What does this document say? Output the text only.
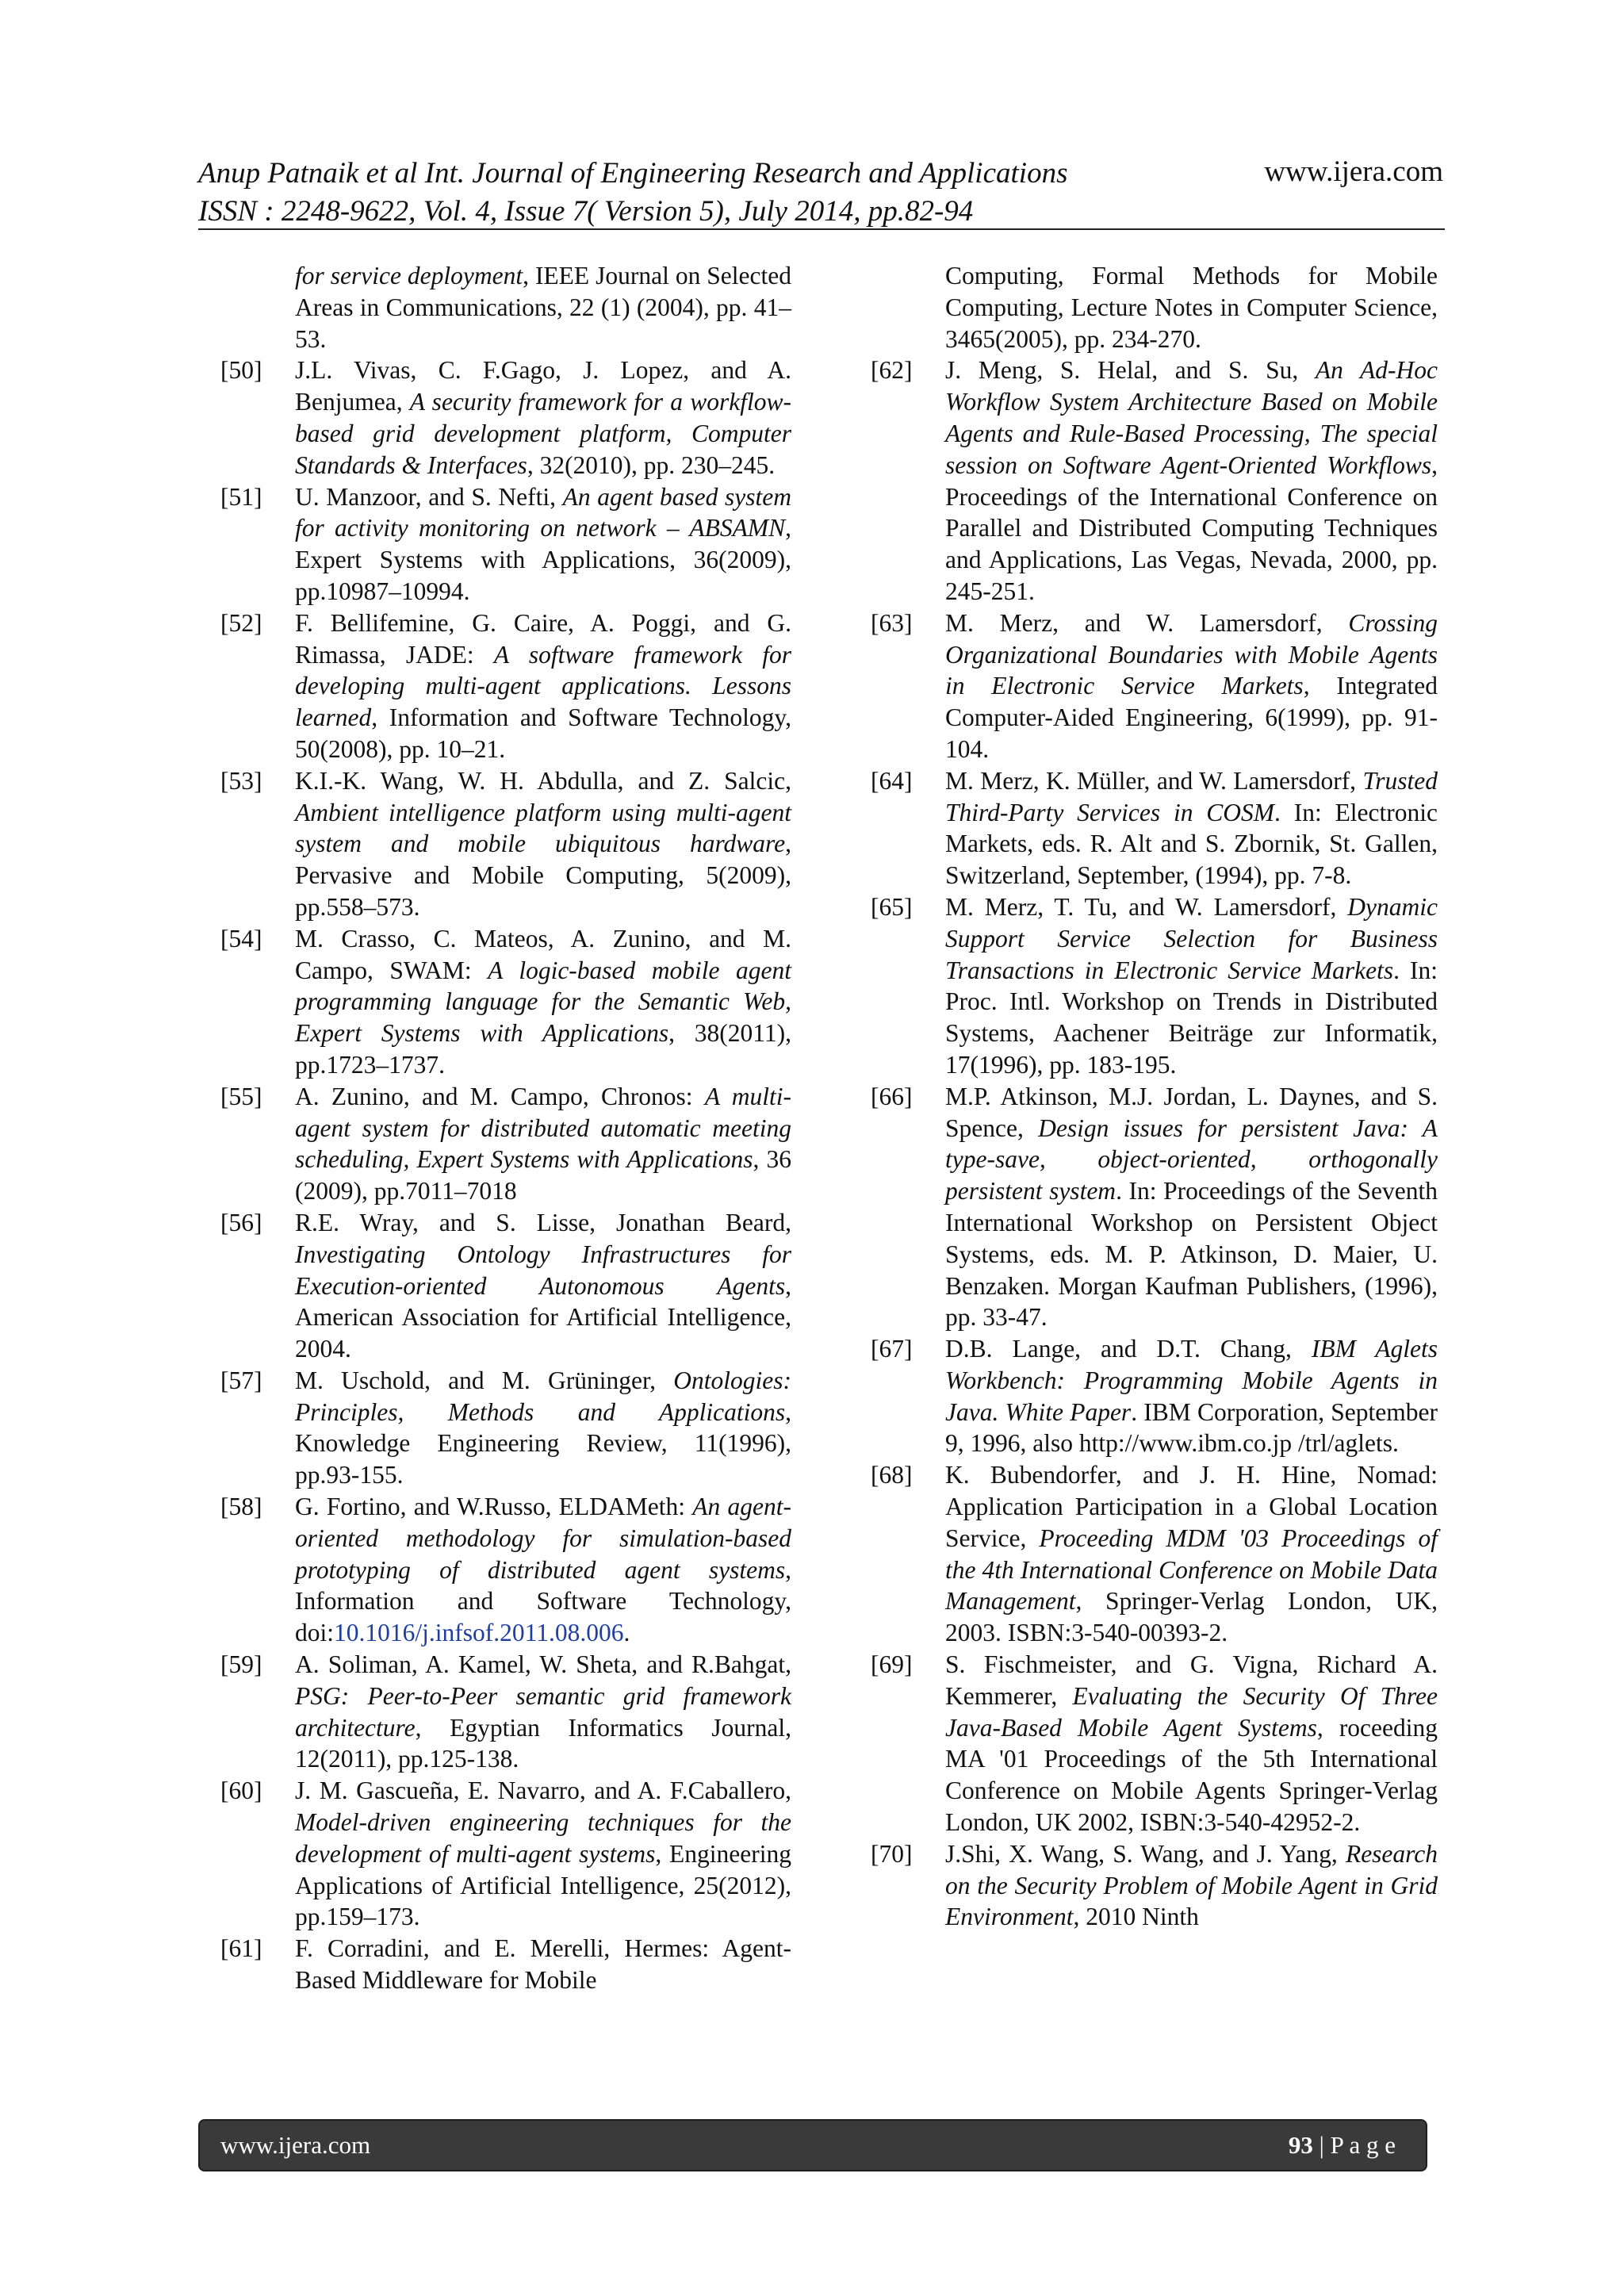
Anup Patnaik et al Int. Journal of Engineering Research and Applications	www.ijera.com
ISSN : 2248-9622, Vol. 4, Issue 7( Version 5), July 2014, pp.82-94
for service deployment, IEEE Journal on Selected Areas in Communications, 22 (1) (2004), pp. 41–53.
[50]	J.L. Vivas, C. F.Gago, J. Lopez, and A. Benjumea, A security framework for a workflow-based grid development platform, Computer Standards & Interfaces, 32(2010), pp. 230–245.
[51]	U. Manzoor, and S. Nefti, An agent based system for activity monitoring on network – ABSAMN, Expert Systems with Applications, 36(2009), pp.10987–10994.
[52]	F. Bellifemine, G. Caire, A. Poggi, and G. Rimassa, JADE: A software framework for developing multi-agent applications. Lessons learned, Information and Software Technology, 50(2008), pp. 10–21.
[53]	K.I.-K. Wang, W. H. Abdulla, and Z. Salcic, Ambient intelligence platform using multi-agent system and mobile ubiquitous hardware, Pervasive and Mobile Computing, 5(2009), pp.558–573.
[54]	M. Crasso, C. Mateos, A. Zunino, and M. Campo, SWAM: A logic-based mobile agent programming language for the Semantic Web, Expert Systems with Applications, 38(2011), pp.1723–1737.
[55]	A. Zunino, and M. Campo, Chronos: A multi-agent system for distributed automatic meeting scheduling, Expert Systems with Applications, 36 (2009), pp.7011–7018
[56]	R.E. Wray, and S. Lisse, Jonathan Beard, Investigating Ontology Infrastructures for Execution-oriented Autonomous Agents, American Association for Artificial Intelligence, 2004.
[57]	M. Uschold, and M. Grüninger, Ontologies: Principles, Methods and Applications, Knowledge Engineering Review, 11(1996), pp.93-155.
[58]	G. Fortino, and W.Russo, ELDAMeth: An agent-oriented methodology for simulation-based prototyping of distributed agent systems, Information and Software Technology, doi:10.1016/j.infsof.2011.08.006.
[59]	A. Soliman, A. Kamel, W. Sheta, and R.Bahgat, PSG: Peer-to-Peer semantic grid framework architecture, Egyptian Informatics Journal, 12(2011), pp.125-138.
[60]	J. M. Gascueña, E. Navarro, and A. F.Caballero, Model-driven engineering techniques for the development of multi-agent systems, Engineering Applications of Artificial Intelligence, 25(2012), pp.159–173.
[61]	F. Corradini, and E. Merelli, Hermes: Agent-Based Middleware for Mobile
Computing, Formal Methods for Mobile Computing, Lecture Notes in Computer Science, 3465(2005), pp. 234-270.
[62]	J. Meng, S. Helal, and S. Su, An Ad-Hoc Workflow System Architecture Based on Mobile Agents and Rule-Based Processing, The special session on Software Agent-Oriented Workflows, Proceedings of the International Conference on Parallel and Distributed Computing Techniques and Applications, Las Vegas, Nevada, 2000, pp. 245-251.
[63]	M. Merz, and W. Lamersdorf, Crossing Organizational Boundaries with Mobile Agents in Electronic Service Markets, Integrated Computer-Aided Engineering, 6(1999), pp. 91-104.
[64]	M. Merz, K. Müller, and W. Lamersdorf, Trusted Third-Party Services in COSM. In: Electronic Markets, eds. R. Alt and S. Zbornik, St. Gallen, Switzerland, September, (1994), pp. 7-8.
[65]	M. Merz, T. Tu, and W. Lamersdorf, Dynamic Support Service Selection for Business Transactions in Electronic Service Markets. In: Proc. Intl. Workshop on Trends in Distributed Systems, Aachener Beiträge zur Informatik, 17(1996), pp. 183-195.
[66]	M.P. Atkinson, M.J. Jordan, L. Daynes, and S. Spence, Design issues for persistent Java: A type-save, object-oriented, orthogonally persistent system. In: Proceedings of the Seventh International Workshop on Persistent Object Systems, eds. M. P. Atkinson, D. Maier, U. Benzaken. Morgan Kaufman Publishers, (1996), pp. 33-47.
[67]	D.B. Lange, and D.T. Chang, IBM Aglets Workbench: Programming Mobile Agents in Java. White Paper. IBM Corporation, September 9, 1996, also http://www.ibm.co.jp /trl/aglets.
[68]	K. Bubendorfer, and J. H. Hine, Nomad: Application Participation in a Global Location Service, Proceeding MDM '03 Proceedings of the 4th International Conference on Mobile Data Management, Springer-Verlag London, UK, 2003. ISBN:3-540-00393-2.
[69]	S. Fischmeister, and G. Vigna, Richard A. Kemmerer, Evaluating the Security Of Three Java-Based Mobile Agent Systems, roceeding MA '01 Proceedings of the 5th International Conference on Mobile Agents Springer-Verlag London, UK 2002, ISBN:3-540-42952-2.
[70]	J.Shi, X. Wang, S. Wang, and J. Yang, Research on the Security Problem of Mobile Agent in Grid Environment, 2010 Ninth
www.ijera.com	93 | P a g e
